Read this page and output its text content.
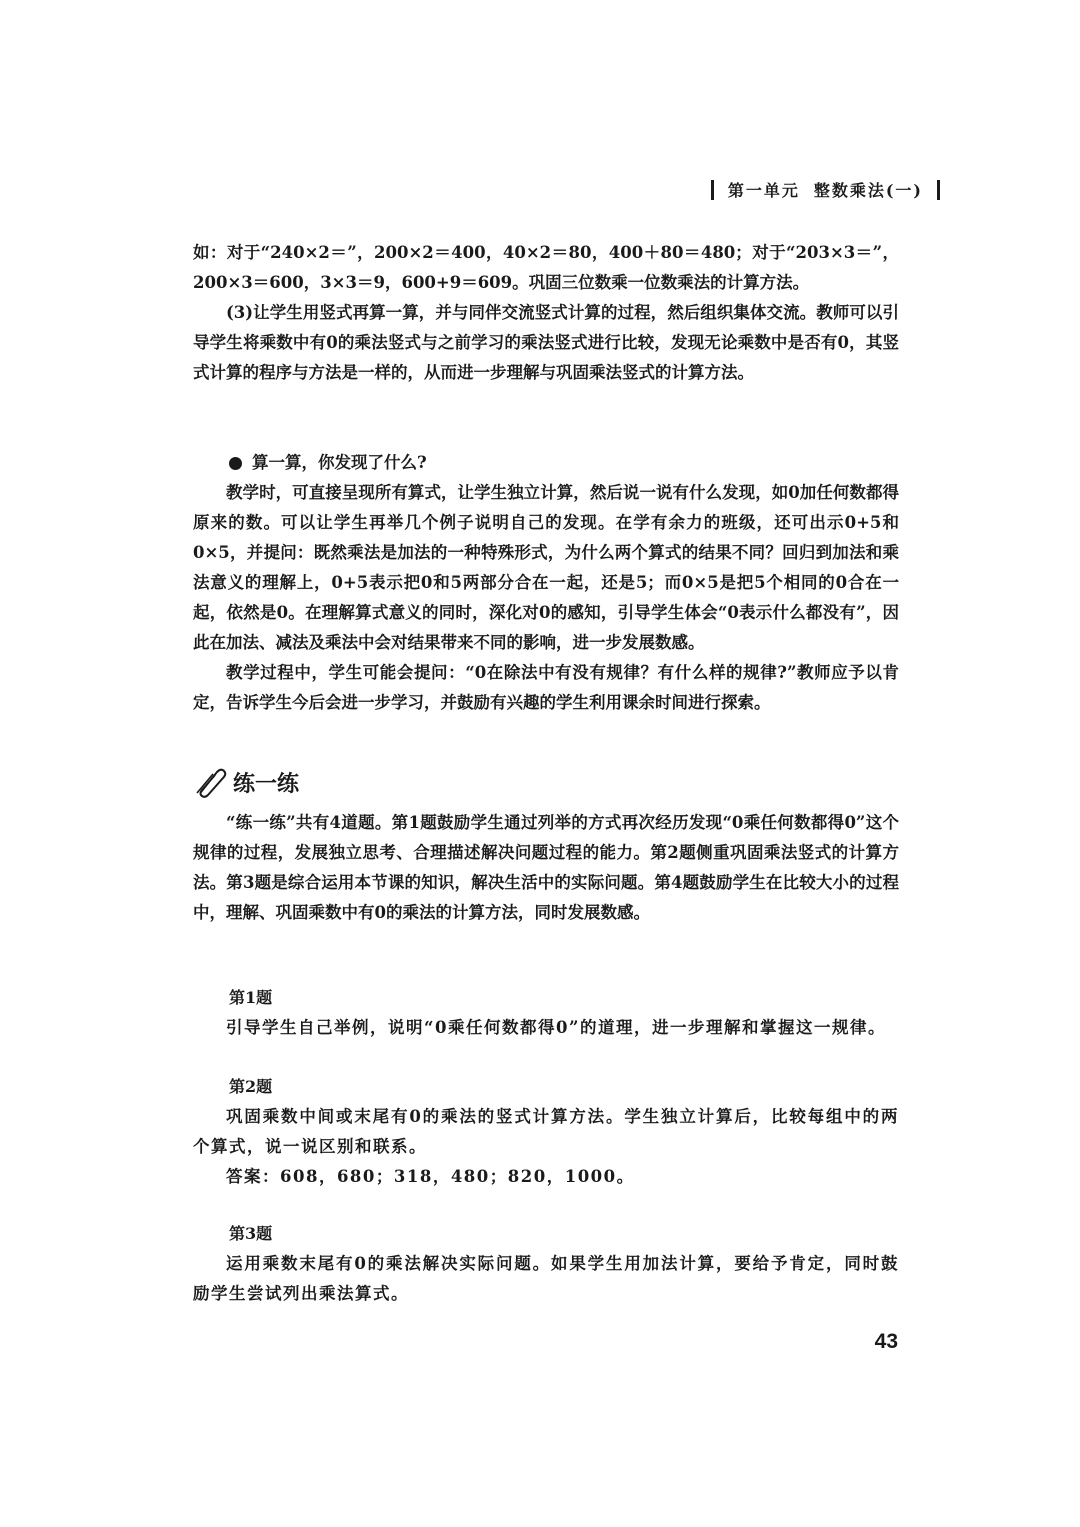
第一单元 整数乘法(一)

如：对于“240×2＝”，200×2＝400，40×2＝80，400＋80＝480；对于“203×3＝”，200×3＝600，3×3＝9，600+9＝609。巩固三位数乘一位数乘法的计算方法。

(3)让学生用竖式再算一算，并与同伴交流竖式计算的过程，然后组织集体交流。教师可以引导学生将乘数中有0的乘法竖式与之前学习的乘法竖式进行比较，发现无论乘数中是否有0，其竖式计算的程序与方法是一样的，从而进一步理解与巩固乘法竖式的计算方法。

算一算，你发现了什么?

教学时，可直接呈现所有算式，让学生独立计算，然后说一说有什么发现，如0加任何数都得原来的数。可以让学生再举几个例子说明自己的发现。在学有余力的班级，还可出示0+5和0×5，并提问：既然乘法是加法的一种特殊形式，为什么两个算式的结果不同？回归到加法和乘法意义的理解上，0+5表示把0和5两部分合在一起，还是5；而0×5是把5个相同的0合在一起，依然是0。在理解算式意义的同时，深化对0的感知，引导学生体会“0表示什么都没有”，因此在加法、减法及乘法中会对结果带来不同的影响，进一步发展数感。

教学过程中，学生可能会提问：“0在除法中有没有规律？有什么样的规律?”教师应予以肯定，告诉学生今后会进一步学习，并鼓励有兴趣的学生利用课余时间进行探索。

练一练

“练一练”共有4道题。第1题鼓励学生通过列举的方式再次经历发现“0乘任何数都得0”这个规律的过程，发展独立思考、合理描述解决问题过程的能力。第2题侧重巩固乘法竖式的计算方法。第3题是综合运用本节课的知识，解决生活中的实际问题。第4题鼓励学生在比较大小的过程中，理解、巩固乘数中有0的乘法的计算方法，同时发展数感。

第1题

引导学生自己举例，说明“0乘任何数都得0”的道理，进一步理解和掌握这一规律。

第2题

巩固乘数中间或末尾有0的乘法的竖式计算方法。学生独立计算后，比较每组中的两个算式，说一说区别和联系。

答案：608，680；318，480；820，1000。

第3题

运用乘数末尾有0的乘法解决实际问题。如果学生用加法计算，要给予肯定，同时鼓励学生尝试列出乘法算式。

43
